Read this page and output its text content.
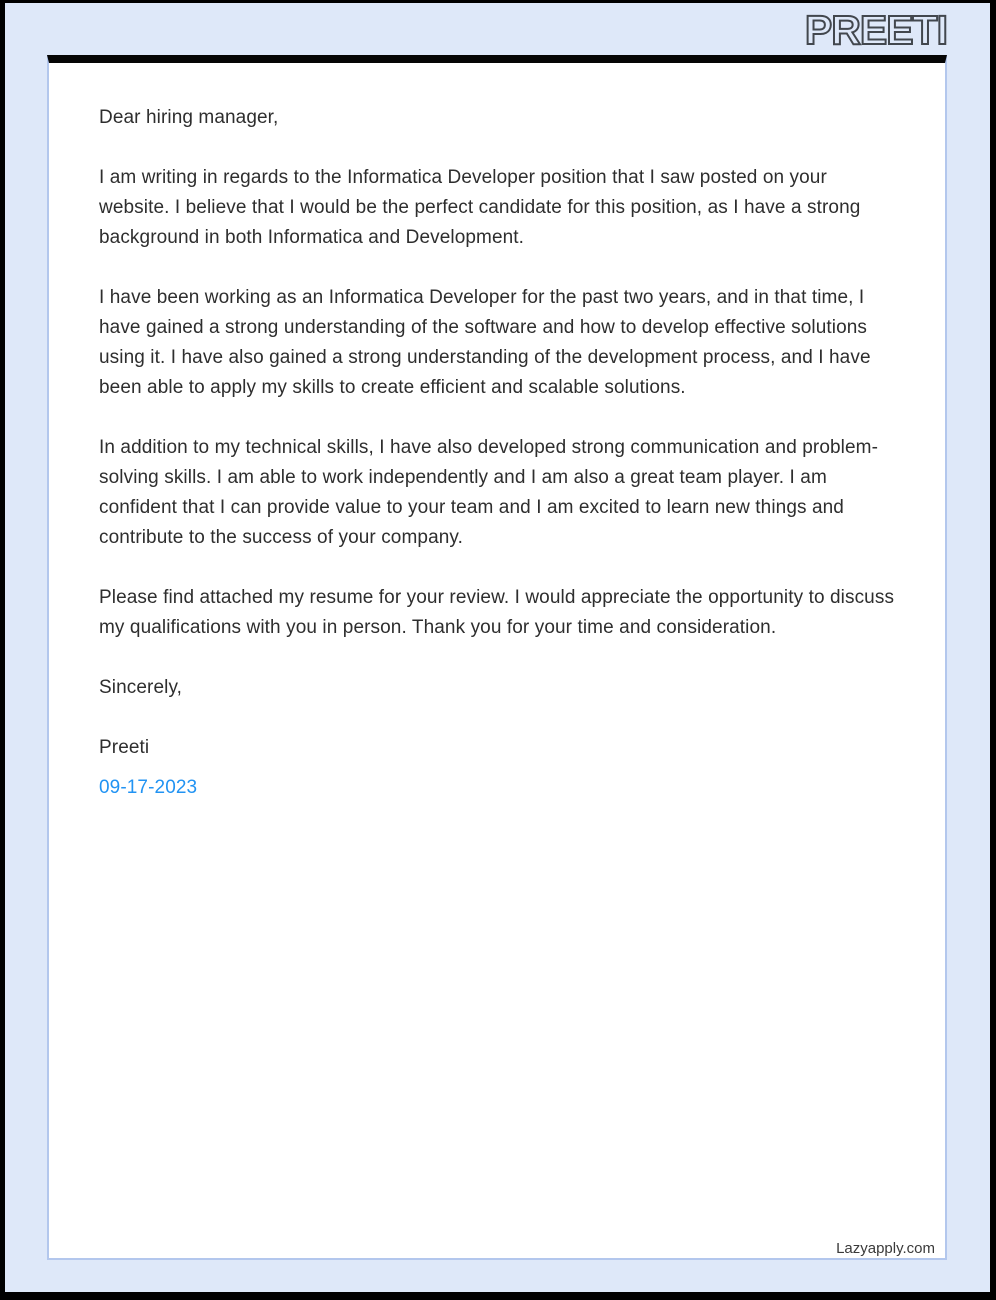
PREETI

Dear hiring manager,

I am writing in regards to the Informatica Developer position that I saw posted on your website. I believe that I would be the perfect candidate for this position, as I have a strong background in both Informatica and Development.

I have been working as an Informatica Developer for the past two years, and in that time, I have gained a strong understanding of the software and how to develop effective solutions using it. I have also gained a strong understanding of the development process, and I have been able to apply my skills to create efficient and scalable solutions.

In addition to my technical skills, I have also developed strong communication and problem-solving skills. I am able to work independently and I am also a great team player. I am confident that I can provide value to your team and I am excited to learn new things and contribute to the success of your company.

Please find attached my resume for your review. I would appreciate the opportunity to discuss my qualifications with you in person. Thank you for your time and consideration.

Sincerely,

Preeti

09-17-2023

Lazyapply.com
